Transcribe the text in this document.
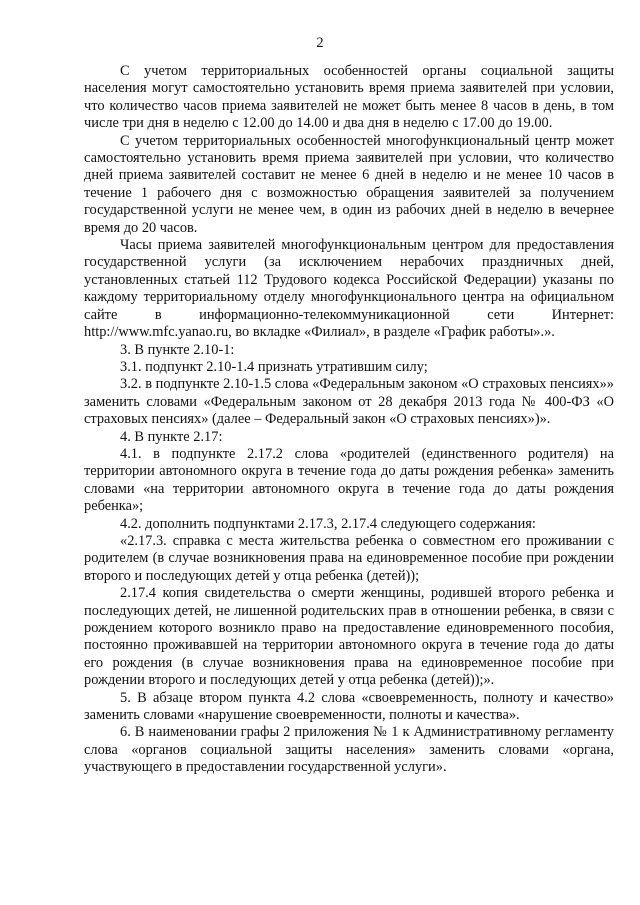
2

С учетом территориальных особенностей органы социальной защиты населения могут самостоятельно установить время приема заявителей при условии, что количество часов приема заявителей не может быть менее 8 часов в день, в том числе три дня в неделю с 12.00 до 14.00 и два дня в неделю с 17.00 до 19.00.

С учетом территориальных особенностей многофункциональный центр может самостоятельно установить время приема заявителей при условии, что количество дней приема заявителей составит не менее 6 дней в неделю и не менее 10 часов в течение 1 рабочего дня с возможностью обращения заявителей за получением государственной услуги не менее чем, в один из рабочих дней в неделю в вечернее время до 20 часов.

Часы приема заявителей многофункциональным центром для предоставления государственной услуги (за исключением нерабочих праздничных дней, установленных статьей 112 Трудового кодекса Российской Федерации) указаны по каждому территориальному отделу многофункционального центра на официальном сайте в информационно-телекоммуникационной сети Интернет: http://www.mfc.yanao.ru, во вкладке «Филиал», в разделе «График работы».».

3. В пункте 2.10-1:

3.1. подпункт 2.10-1.4 признать утратившим силу;

3.2. в подпункте 2.10-1.5 слова «Федеральным законом «О страховых пенсиях»» заменить словами «Федеральным законом от 28 декабря 2013 года № 400-ФЗ «О страховых пенсиях» (далее – Федеральный закон «О страховых пенсиях»)».

4. В пункте 2.17:

4.1. в подпункте 2.17.2 слова «родителей (единственного родителя) на территории автономного округа в течение года до даты рождения ребенка» заменить словами «на территории автономного округа в течение года до даты рождения ребенка»;

4.2. дополнить подпунктами 2.17.3, 2.17.4 следующего содержания:

«2.17.3. справка с места жительства ребенка о совместном его проживании с родителем (в случае возникновения права на единовременное пособие при рождении второго и последующих детей у отца ребенка (детей));

2.17.4 копия свидетельства о смерти женщины, родившей второго ребенка и последующих детей, не лишенной родительских прав в отношении ребенка, в связи с рождением которого возникло право на предоставление единовременного пособия, постоянно проживавшей на территории автономного округа в течение года до даты его рождения (в случае возникновения права на единовременное пособие при рождении второго и последующих детей у отца ребенка (детей));».

5. В абзаце втором пункта 4.2 слова «своевременность, полноту и качество» заменить словами «нарушение своевременности, полноты и качества».

6. В наименовании графы 2 приложения № 1 к Административному регламенту слова «органов социальной защиты населения» заменить словами «органа, участвующего в предоставлении государственной услуги».
